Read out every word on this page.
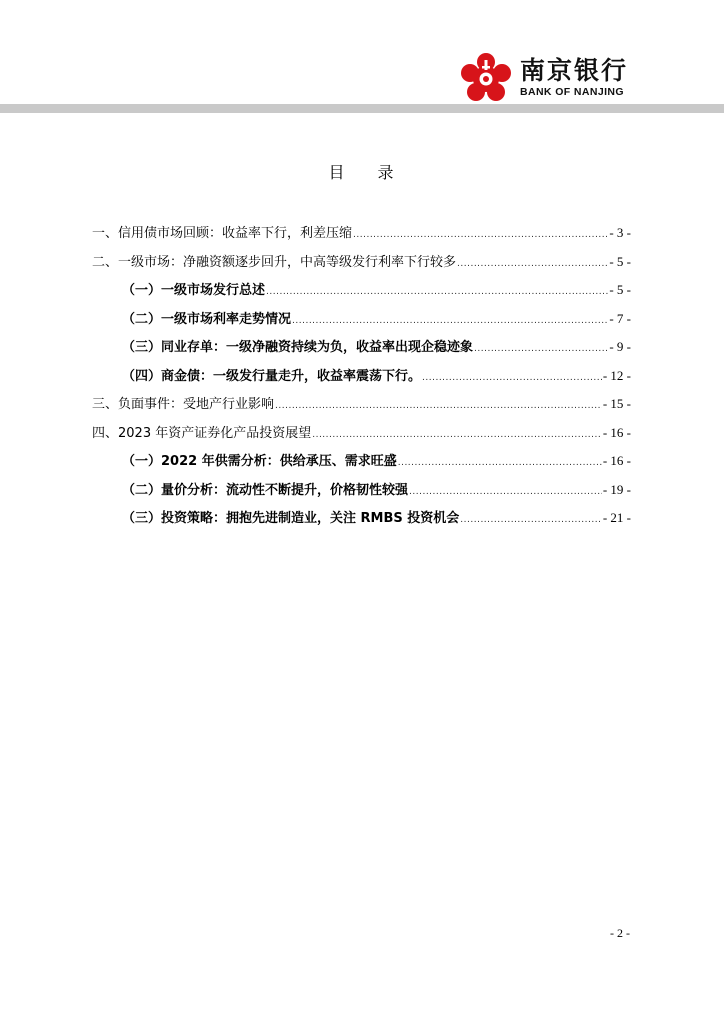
南京银行
BANK OF NANJING
目 录
一、信用债市场回顾：收益率下行，利差压缩 .....	- 3 -
二、一级市场：净融资额逐步回升，中高等级发行利率下行较多 .....	- 5 -
（一）一级市场发行总述 .....	- 5 -
（二）一级市场利率走势情况 .....	- 7 -
（三）同业存单：一级净融资持续为负，收益率出现企稳迹象 .....	- 9 -
（四）商金债：一级发行量走升，收益率震荡下行。 .....	- 12 -
三、负面事件：受地产行业影响 .....	- 15 -
四、2023 年资产证券化产品投资展望 .....	- 16 -
（一）2022 年供需分析：供给承压、需求旺盛 .....	- 16 -
（二）量价分析：流动性不断提升，价格韧性较强 .....	- 19 -
（三）投资策略：拥抱先进制造业，关注 RMBS 投资机会 .....	- 21 -
- 2 -
